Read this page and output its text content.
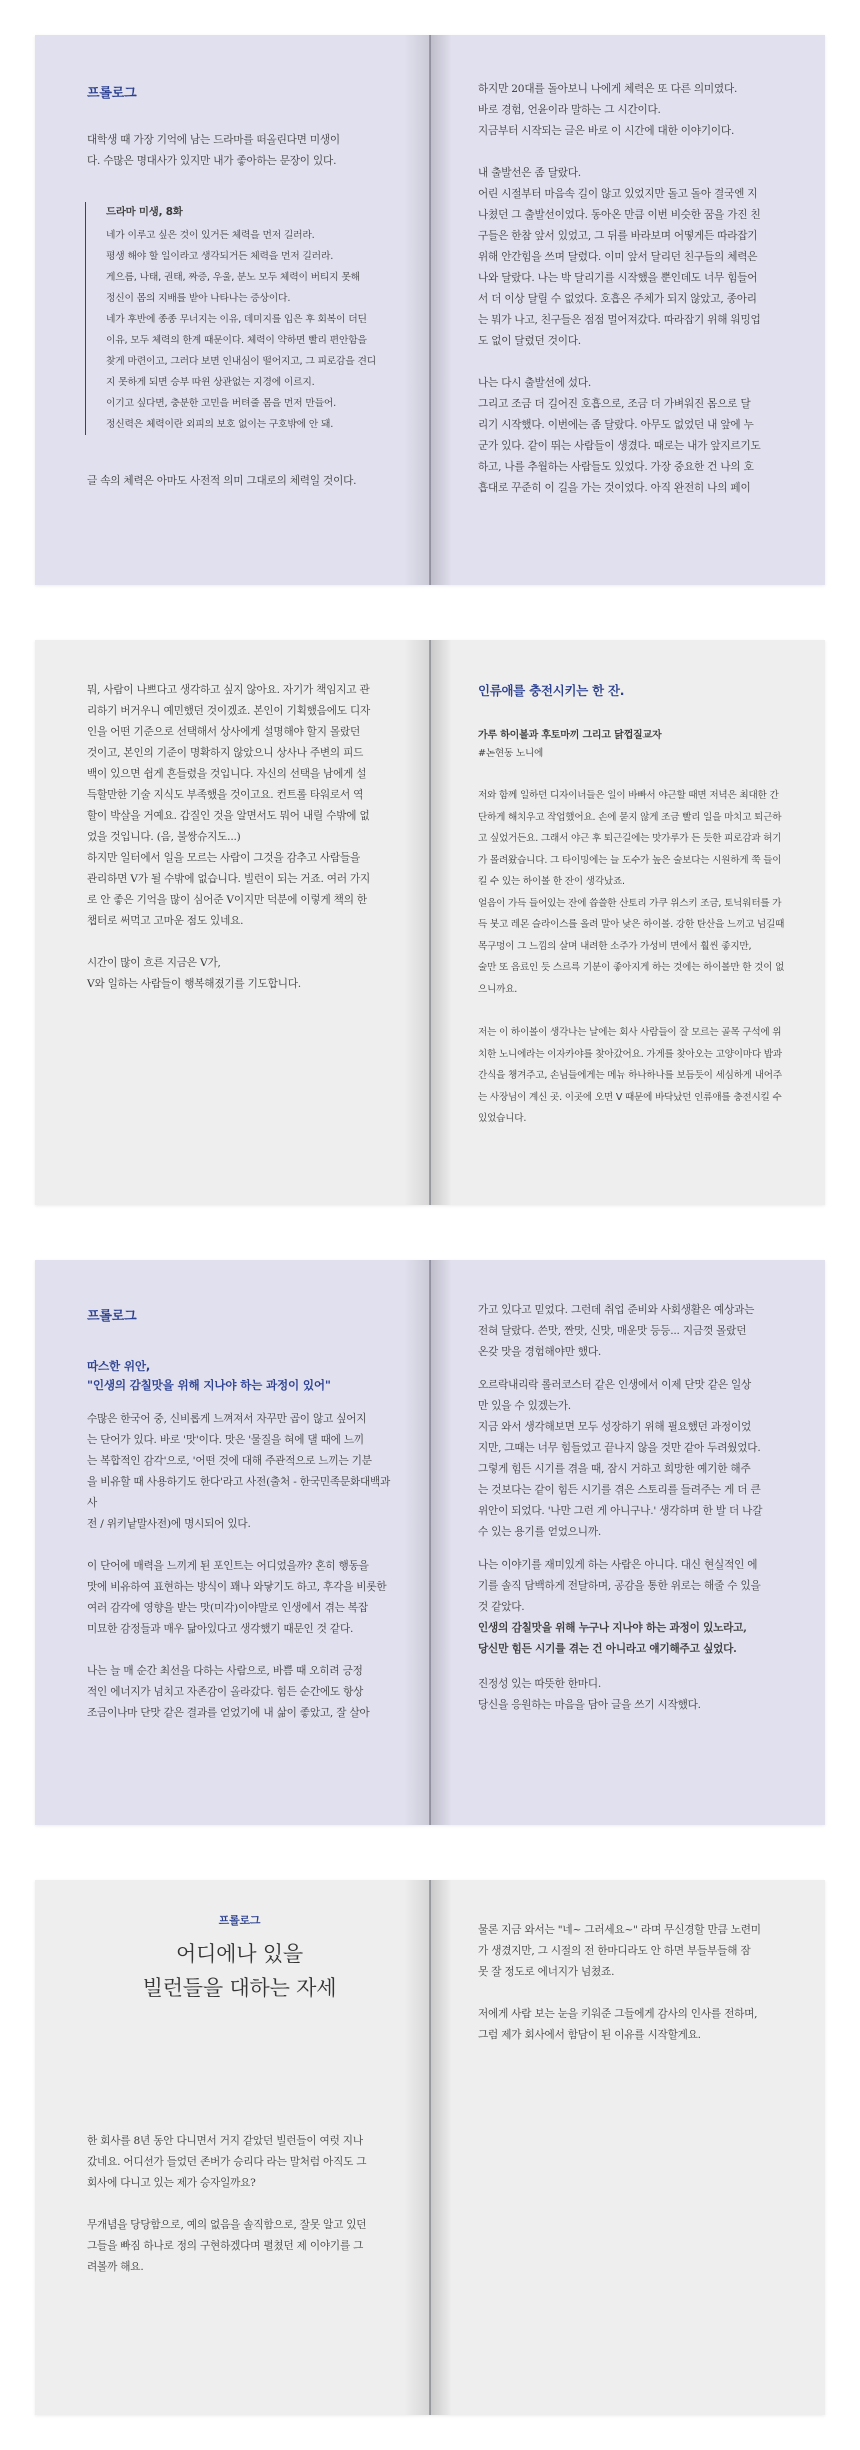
프롤로그

대학생 때 가장 기억에 남는 드라마를 떠올린다면 미생이

다. 수많은 명대사가 있지만 내가 좋아하는 문장이 있다.

드라마 미생, 8화

네가 이루고 싶은 것이 있거든 체력을 먼저 길러라.

평생 해야 할 일이라고 생각되거든 체력을 먼저 길러라.

게으름, 나태, 권태, 짜증, 우울, 분노 모두 체력이 버티지 못해

정신이 몸의 지배를 받아 나타나는 증상이다.

네가 후반에 종종 무너지는 이유, 데미지를 입은 후 회복이 더딘

이유, 모두 체력의 한계 때문이다. 체력이 약하면 빨리 편안함을

찾게 마련이고, 그러다 보면 인내심이 떨어지고, 그 피로감을 견디

지 못하게 되면 승부 따윈 상관없는 지경에 이르지.

이기고 싶다면, 충분한 고민을 버텨줄 몸을 먼저 만들어.

정신력은 체력이란 외피의 보호 없이는 구호밖에 안 돼.

글 속의 체력은 아마도 사전적 의미 그대로의 체력일 것이다.

하지만 20대를 돌아보니 나에게 체력은 또 다른 의미였다.

바로 경험, 언윤이라 말하는 그 시간이다.

지금부터 시작되는 글은 바로 이 시간에 대한 이야기이다.

내 출발선은 좀 달랐다.

어린 시절부터 마음속 길이 않고 있었지만 돌고 돌아 결국엔 지

나쳤던 그 출발선이었다. 동아온 만큼 이번 비슷한 꿈을 가진 친

구들은 한참 앞서 있었고, 그 뒤를 바라보며 어떻게든 따라잡기

위해 안간힘을 쓰며 달렸다. 이미 앞서 달리던 친구들의 체력은

나와 달랐다. 나는 박 달리기를 시작했을 뿐인데도 너무 힘들어

서 더 이상 달릴 수 없었다. 호흡은 주체가 되지 않았고, 종아리

는 뭐가 나고, 친구들은 점점 멀어져갔다. 따라잡기 위해 워밍업

도 없이 달렸던 것이다.

나는 다시 출발선에 섰다.

그리고 조금 더 길어진 호흡으로, 조금 더 가벼워진 몸으로 달

리기 시작했다. 이번에는 좀 달랐다. 아무도 없었던 내 앞에 누

군가 있다. 같이 뛰는 사람들이 생겼다. 때로는 내가 앞지르기도

하고, 나를 추월하는 사람들도 있었다. 가장 중요한 건 나의 호

흡대로 꾸준히 이 길을 가는 것이었다. 아직 완전히 나의 페이

뭐, 사람이 나쁘다고 생각하고 싶지 않아요. 자기가 책임지고 관

리하기 버거우니 예민했던 것이겠죠. 본인이 기획했음에도 디자

인을 어떤 기준으로 선택해서 상사에게 설명해야 할지 몰랐던

것이고, 본인의 기준이 명확하지 않았으니 상사나 주변의 피드

백이 있으면 쉽게 흔들렸을 것입니다. 자신의 선택을 남에게 설

득할만한 기술 지식도 부족했을 것이고요. 컨트롤 타워로서 역

할이 박살을 거예요. 갑질인 것을 알면서도 뭐어 내릴 수밖에 없

었을 것입니다. (음, 불쌍슈지도...)

하지만 일터에서 일을 모르는 사람이 그것을 감추고 사람들을

관리하면 V가 될 수밖에 없습니다. 빌런이 되는 거죠. 여러 가지

로 안 좋은 기억을 많이 심어준 V이지만 덕분에 이렇게 책의 한

챕터로 써먹고 고마운 점도 있네요.

시간이 많이 흐른 지금은 V가,

V와 일하는 사람들이 행복해졌기를 기도합니다.

인류애를 충전시키는 한 잔.

가루 하이볼과 후토마끼 그리고 닭껍질교자

#논현동 노니에

저와 함께 일하던 디자이너들은 일이 바빠서 야근할 때면 저녁은 최대한 간

단하게 해치우고 작업했어요. 손에 묻지 않게 조금 빨리 일을 마치고 퇴근하

고 싶었거든요. 그래서 야근 후 퇴근길에는 맛가루가 든 듯한 피로감과 허기

가 몰려왔습니다. 그 타이밍에는 늘 도수가 높은 술보다는 시원하게 쭉 들이

킬 수 있는 하이볼 한 잔이 생각났죠.

얼음이 가득 들어있는 잔에 씁쓸한 산토리 가쿠 위스키 조금, 토닉워터를 가

득 붓고 레몬 슬라이스를 올려 말아 낮은 하이볼. 강한 탄산을 느끼고 넘길때

목구멍이 그 느낌의 살며 내려한 소주가 가성비 면에서 훨씬 좋지만,

술만 또 음료인 듯 스르륵 기분이 좋아지게 하는 것에는 하이볼만 한 것이 없

으니까요.

저는 이 하이볼이 생각나는 날에는 회사 사람들이 잘 모르는 골목 구석에 위

치한 노니에라는 이자카야를 찾아갔어요. 가게를 찾아오는 고양이마다 밥과

간식을 챙겨주고, 손님들에게는 메뉴 하나하나를 보듬듯이 세심하게 내어주

는 사장님이 계신 곳. 이곳에 오면 V 때문에 바닥났던 인류애를 충전시킬 수

있었습니다.

프롤로그

따스한 위안,

"인생의 감칠맛을 위해 지나야 하는 과정이 있어"

수많은 한국어 중, 신비롭게 느껴져서 자꾸만 곱이 않고 싶어지

는 단어가 있다. 바로 '맛'이다. 맛은 '물질을 혀에 댈 때에 느끼

는 복합적인 감각'으로, '어떤 것에 대해 주관적으로 느끼는 기분

을 비유할 때 사용하기도 한다'라고 사전(출처 - 한국민족문화대백과사

전 / 위키낱말사전)에 명시되어 있다.

이 단어에 매력을 느끼게 된 포인트는 어디었을까? 혼히 행동을

맛에 비유하여 표현하는 방식이 꽤나 와닿기도 하고, 후각을 비롯한

여러 감각에 영향을 받는 맛(미각)이야말로 인생에서 겪는 복잡

미묘한 감정들과 매우 닮아있다고 생각했기 때문인 것 같다.

나는 늘 매 순간 최선을 다하는 사람으로, 바쁨 때 오히려 긍정

적인 에너지가 넘치고 자존감이 올라갔다. 힘든 순간에도 항상

조금이나마 단맛 같은 결과를 얻었기에 내 삶이 좋았고, 잘 살아

가고 있다고 믿었다. 그런데 취업 준비와 사회생활은 예상과는

전혀 달랐다. 쓴맛, 짠맛, 신맛, 매운맛 등등... 지금껏 몰랐던

온갖 맛을 경험해야만 했다.

오르락내리락 롤러코스터 같은 인생에서 이제 단맛 같은 일상

만 있을 수 있겠는가.

지금 와서 생각해보면 모두 성장하기 위해 필요했던 과정이었

지만, 그때는 너무 힘들었고 끝나지 않을 것만 같아 두려웠었다.

그렇게 힘든 시기를 겪을 때, 잠시 거하고 희망한 예기한 해주

는 것보다는 같이 힘든 시기를 겪은 스토리를 들려주는 게 더 큰

위안이 되었다. '나만 그런 게 아니구나.' 생각하며 한 발 더 나갈

수 있는 용기를 얻었으니까.

나는 이야기를 재미있게 하는 사람은 아니다. 대신 현실적인 에

기를 솔직 담백하게 전달하며, 공감을 통한 위로는 해줄 수 있을

것 같았다.

인생의 감칠맛을 위해 누구나 지나야 하는 과정이 있노라고,

당신만 힘든 시기를 겪는 건 아니라고 얘기해주고 싶었다.

진정성 있는 따뜻한 한마디.

당신을 응원하는 마음을 담아 글을 쓰기 시작했다.

프롤로그

어디에나 있을

빌런들을 대하는 자세

한 회사를 8년 동안 다니면서 거지 같았던 빌런들이 여럿 지나

갔네요. 어디선가 들었던 존버가 승리다 라는 말처럼 아직도 그

회사에 다니고 있는 제가 승자일까요?

무개념을 당당함으로, 예의 없음을 솔직함으로, 잘못 알고 있던

그들을 빠짐 하나로 정의 구현하겠다며 펼쳤던 제 이야기를 그

려볼까 해요.

물론 지금 와서는 "네~ 그러세요~" 라며 무신경할 만큼 노련미

가 생겼지만, 그 시절의 전 한마디라도 안 하면 부들부들해 잠

못 잘 정도로 에너지가 넘쳤죠.

저에게 사람 보는 눈을 키워준 그들에게 감사의 인사를 전하며,

그럼 제가 회사에서 함담이 된 이유를 시작할게요.
